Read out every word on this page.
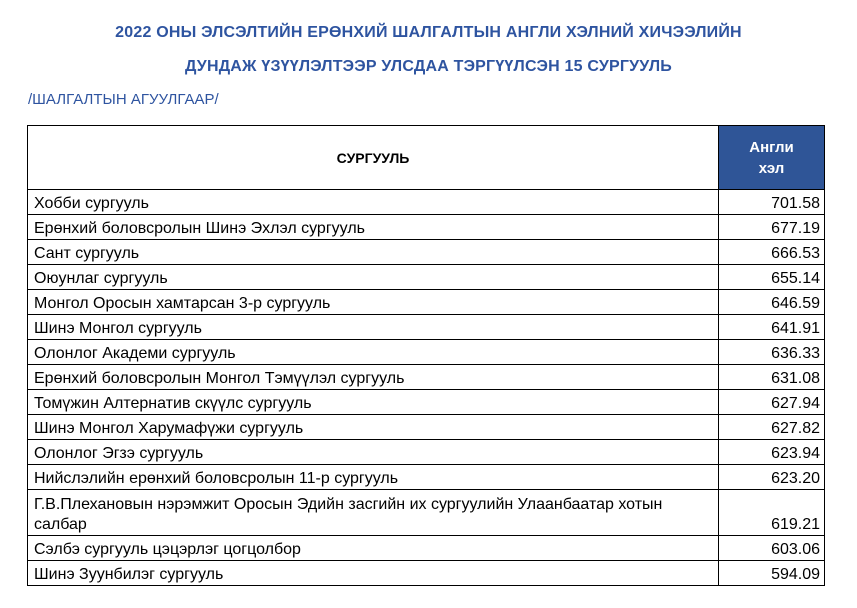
2022 ОНЫ ЭЛСЭЛТИЙН ЕРӨНХИЙ ШАЛГАЛТЫН АНГЛИ ХЭЛНИЙ ХИЧЭЭЛИЙН
ДУНДАЖ ҮЗҮҮЛЭЛТЭЭР УЛСДАА ТЭРГҮҮЛСЭН 15 СУРГУУЛЬ
/ШАЛГАЛТЫН АГУУЛГААР/
СУРГУУЛЬ	Англи
хэл
Хобби сургууль	701.58
Ерөнхий боловсролын Шинэ Эхлэл сургууль	677.19
Сант сургууль	666.53
Оюунлаг сургууль	655.14
Монгол Оросын хамтарсан 3-р сургууль	646.59
Шинэ Монгол сургууль	641.91
Олонлог Академи сургууль	636.33
Ерөнхий боловсролын Монгол Тэмүүлэл сургууль	631.08
Томүжин Алтернатив скүүлс сургууль	627.94
Шинэ Монгол Харумафүжи сургууль	627.82
Олонлог Эгзэ сургууль	623.94
Нийслэлийн ерөнхий боловсролын 11-р сургууль	623.20
Г.В.Плехановын нэрэмжит Оросын Эдийн засгийн их сургуулийн Улаанбаатар хотын салбар	619.21
Сэлбэ сургууль цэцэрлэг цогцолбор	603.06
Шинэ Зуунбилэг сургууль	594.09
